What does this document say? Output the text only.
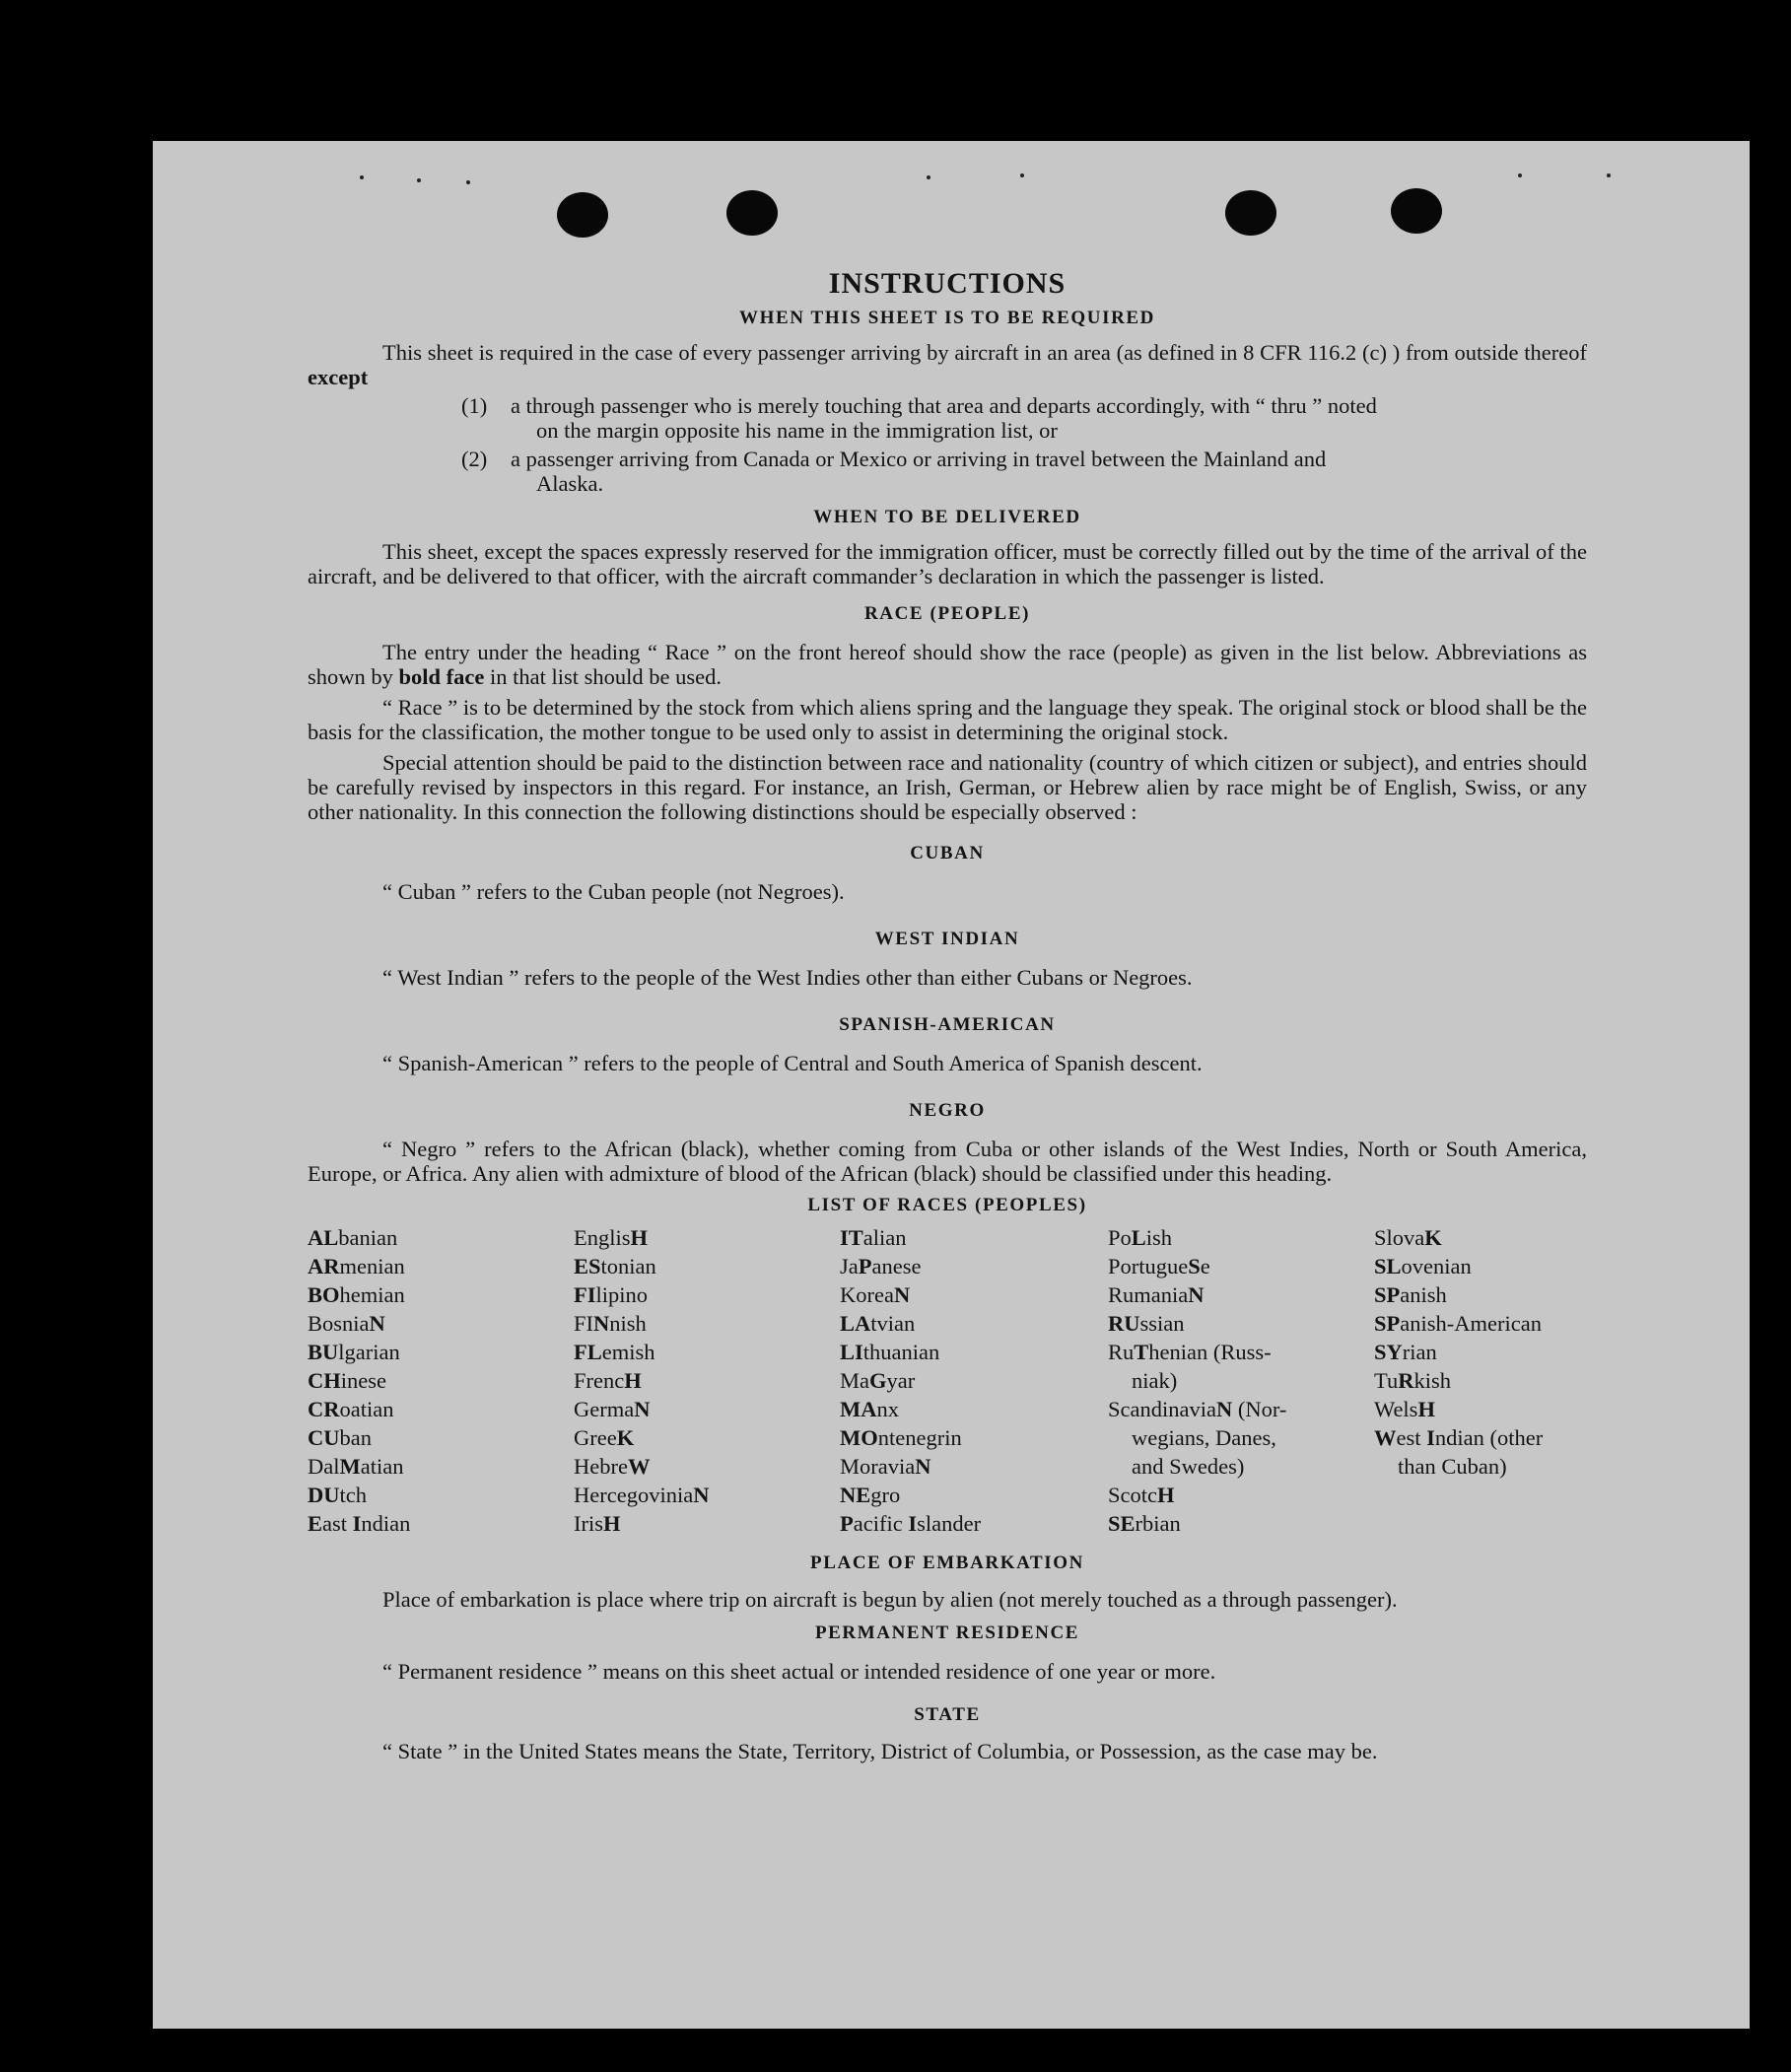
INSTRUCTIONS
WHEN THIS SHEET IS TO BE REQUIRED

This sheet is required in the case of every passenger arriving by aircraft in an area (as defined in 8 CFR 116.2 (c) ) from outside thereof except

(1)	a through passenger who is merely touching that area and departs accordingly, with “ thru ” noted
on the margin opposite his name in the immigration list, or
(2)	a passenger arriving from Canada or Mexico or arriving in travel between the Mainland and
Alaska.
WHEN TO BE DELIVERED

This sheet, except the spaces expressly reserved for the immigration officer, must be correctly filled out by the time of the arrival of the aircraft, and be delivered to that officer, with the aircraft commander’s declaration in which the passenger is listed.

RACE (PEOPLE)

The entry under the heading “ Race ” on the front hereof should show the race (people) as given in the list below. Abbreviations as shown by bold face in that list should be used.

“ Race ” is to be determined by the stock from which aliens spring and the language they speak. The original stock or blood shall be the basis for the classification, the mother tongue to be used only to assist in determining the original stock.

Special attention should be paid to the distinction between race and nationality (country of which citizen or subject), and entries should be carefully revised by inspectors in this regard. For instance, an Irish, German, or Hebrew alien by race might be of English, Swiss, or any other nationality. In this connection the following distinctions should be especially observed :

CUBAN

“ Cuban ” refers to the Cuban people (not Negroes).

WEST INDIAN

“ West Indian ” refers to the people of the West Indies other than either Cubans or Negroes.

SPANISH-AMERICAN

“ Spanish-American ” refers to the people of Central and South America of Spanish descent.

NEGRO

“ Negro ” refers to the African (black), whether coming from Cuba or other islands of the West Indies, North or South America, Europe, or Africa. Any alien with admixture of blood of the African (black) should be classified under this heading.

LIST OF RACES (PEOPLES)
ALbanian
ARmenian
BOhemian
BosniaN
BUlgarian
CHinese
CRoatian
CUban
DalMatian
DUtch
East Indian
EnglisH
EStonian
FIlipino
FINnish
FLemish
FrencH
GermaN
GreeK
HebreW
HercegoviniaN
IrisH
ITalian
JaPanese
KoreaN
LAtvian
LIthuanian
MaGyar
MAnx
MOntenegrin
MoraviaN
NEgro
Pacific Islander
PoLish
PortugueSe
RumaniaN
RUssian
RuThenian (Russ-
niak)
ScandinaviaN (Nor-
wegians, Danes,
and Swedes)
ScotcH
SErbian
SlovaK
SLovenian
SPanish
SPanish-American
SYrian
TuRkish
WelsH
West Indian (other
than Cuban)
PLACE OF EMBARKATION

Place of embarkation is place where trip on aircraft is begun by alien (not merely touched as a through passenger).

PERMANENT RESIDENCE

“ Permanent residence ” means on this sheet actual or intended residence of one year or more.

STATE

“ State ” in the United States means the State, Territory, District of Columbia, or Possession, as the case may be.
